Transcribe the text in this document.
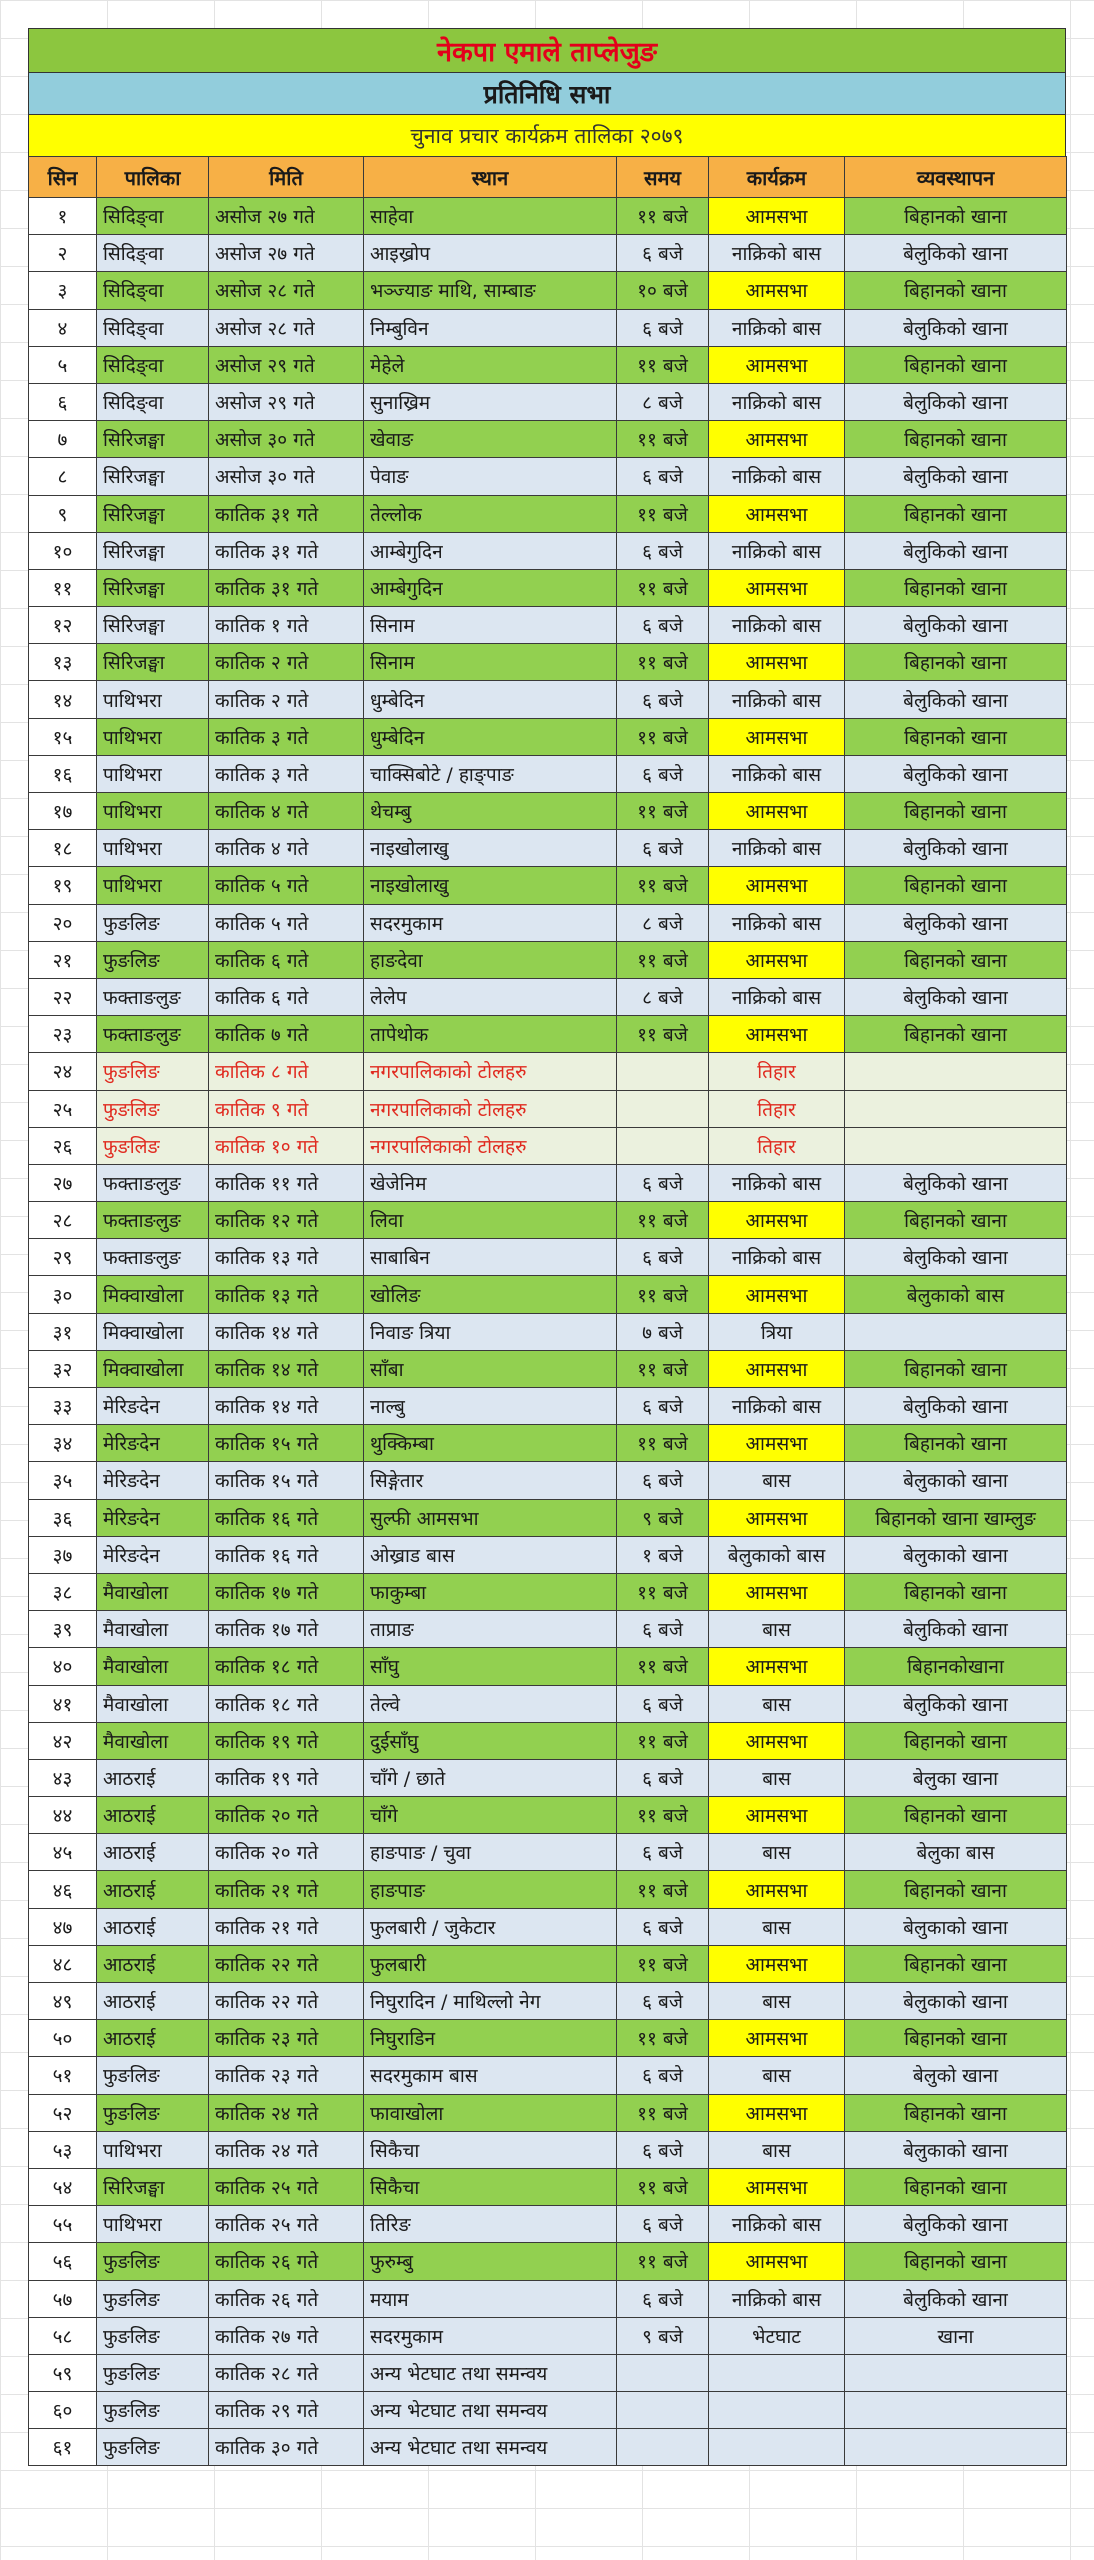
नेकपा एमाले ताप्लेजुङ
प्रतिनिधि सभा
चुनाव प्रचार कार्यक्रम तालिका २०७९
सिन	पालिका	मिति	स्थान	समय	कार्यक्रम	व्यवस्थापन
१	सिदिङ्वा	असोज २७ गते	साहेवा	११ बजे	आमसभा	बिहानको खाना
२	सिदिङ्वा	असोज २७ गते	आइख्रोप	६ बजे	नाक्रिको बास	बेलुकिको खाना
३	सिदिङ्वा	असोज २८ गते	भञ्ज्याङ माथि, साम्बाङ	१० बजे	आमसभा	बिहानको खाना
४	सिदिङ्वा	असोज २८ गते	निम्बुविन	६ बजे	नाक्रिको बास	बेलुकिको खाना
५	सिदिङ्वा	असोज २९ गते	मेहेले	११ बजे	आमसभा	बिहानको खाना
६	सिदिङ्वा	असोज २९ गते	सुनाख्रिम	८ बजे	नाक्रिको बास	बेलुकिको खाना
७	सिरिजङ्घा	असोज ३० गते	खेवाङ	११ बजे	आमसभा	बिहानको खाना
८	सिरिजङ्घा	असोज ३० गते	पेवाङ	६ बजे	नाक्रिको बास	बेलुकिको खाना
९	सिरिजङ्घा	कातिक ३१ गते	तेल्लोक	११ बजे	आमसभा	बिहानको खाना
१०	सिरिजङ्घा	कातिक ३१ गते	आम्बेगुदिन	६ बजे	नाक्रिको बास	बेलुकिको खाना
११	सिरिजङ्घा	कातिक ३१ गते	आम्बेगुदिन	११ बजे	आमसभा	बिहानको खाना
१२	सिरिजङ्घा	कातिक १ गते	सिनाम	६ बजे	नाक्रिको बास	बेलुकिको खाना
१३	सिरिजङ्घा	कातिक २ गते	सिनाम	११ बजे	आमसभा	बिहानको खाना
१४	पाथिभरा	कातिक २ गते	धुम्बेदिन	६ बजे	नाक्रिको बास	बेलुकिको खाना
१५	पाथिभरा	कातिक ३ गते	धुम्बेदिन	११ बजे	आमसभा	बिहानको खाना
१६	पाथिभरा	कातिक ३ गते	चाक्सिबोटे / हाङ्पाङ	६ बजे	नाक्रिको बास	बेलुकिको खाना
१७	पाथिभरा	कातिक ४ गते	थेचम्बु	११ बजे	आमसभा	बिहानको खाना
१८	पाथिभरा	कातिक ४ गते	नाइखोलाखु	६ बजे	नाक्रिको बास	बेलुकिको खाना
१९	पाथिभरा	कातिक ५ गते	नाइखोलाखु	११ बजे	आमसभा	बिहानको खाना
२०	फुङलिङ	कातिक ५ गते	सदरमुकाम	८ बजे	नाक्रिको बास	बेलुकिको खाना
२१	फुङलिङ	कातिक ६ गते	हाङदेवा	११ बजे	आमसभा	बिहानको खाना
२२	फक्ताङलुङ	कातिक ६ गते	लेलेप	८ बजे	नाक्रिको बास	बेलुकिको खाना
२३	फक्ताङलुङ	कातिक ७ गते	तापेथोक	११ बजे	आमसभा	बिहानको खाना
२४	फुङलिङ	कातिक ८ गते	नगरपालिकाको टोलहरु		तिहार	
२५	फुङलिङ	कातिक ९ गते	नगरपालिकाको टोलहरु		तिहार	
२६	फुङलिङ	कातिक १० गते	नगरपालिकाको टोलहरु		तिहार	
२७	फक्ताङलुङ	कातिक ११ गते	खेजेनिम	६ बजे	नाक्रिको बास	बेलुकिको खाना
२८	फक्ताङलुङ	कातिक १२ गते	लिवा	११ बजे	आमसभा	बिहानको खाना
२९	फक्ताङलुङ	कातिक १३ गते	साबाबिन	६ बजे	नाक्रिको बास	बेलुकिको खाना
३०	मिक्वाखोला	कातिक १३ गते	खोलिङ	११ बजे	आमसभा	बेलुकाको बास
३१	मिक्वाखोला	कातिक १४ गते	निवाङ त्रिया	७ बजे	त्रिया	
३२	मिक्वाखोला	कातिक १४ गते	साँबा	११ बजे	आमसभा	बिहानको खाना
३३	मेरिङदेन	कातिक १४ गते	नाल्बु	६ बजे	नाक्रिको बास	बेलुकिको खाना
३४	मेरिङदेन	कातिक १५ गते	थुक्किम्बा	११ बजे	आमसभा	बिहानको खाना
३५	मेरिङदेन	कातिक १५ गते	सिङ्गेतार	६ बजे	बास	बेलुकाको खाना
३६	मेरिङदेन	कातिक १६ गते	सुल्फी आमसभा	९ बजे	आमसभा	बिहानको खाना खाम्लुङ
३७	मेरिङदेन	कातिक १६ गते	ओख्राड बास	१ बजे	बेलुकाको बास	बेलुकाको खाना
३८	मैवाखोला	कातिक १७ गते	फाकुम्बा	११ बजे	आमसभा	बिहानको खाना
३९	मैवाखोला	कातिक १७ गते	ताप्राङ	६ बजे	बास	बेलुकिको खाना
४०	मैवाखोला	कातिक १८ गते	साँघु	११ बजे	आमसभा	बिहानकोखाना
४१	मैवाखोला	कातिक १८ गते	तेल्वे	६ बजे	बास	बेलुकिको खाना
४२	मैवाखोला	कातिक १९ गते	दुईसाँघु	११ बजे	आमसभा	बिहानको खाना
४३	आठराई	कातिक १९ गते	चाँगे / छाते	६ बजे	बास	बेलुका खाना
४४	आठराई	कातिक २० गते	चाँगे	११ बजे	आमसभा	बिहानको खाना
४५	आठराई	कातिक २० गते	हाङपाङ / चुवा	६ बजे	बास	बेलुका बास
४६	आठराई	कातिक २१ गते	हाङपाङ	११ बजे	आमसभा	बिहानको खाना
४७	आठराई	कातिक २१ गते	फुलबारी / जुकेटार	६ बजे	बास	बेलुकाको खाना
४८	आठराई	कातिक २२ गते	फुलबारी	११ बजे	आमसभा	बिहानको खाना
४९	आठराई	कातिक २२ गते	निघुरादिन / माथिल्लो नेग	६ बजे	बास	बेलुकाको खाना
५०	आठराई	कातिक २३ गते	निघुराडिन	११ बजे	आमसभा	बिहानको खाना
५१	फुङलिङ	कातिक २३ गते	सदरमुकाम बास	६ बजे	बास	बेलुको खाना
५२	फुङलिङ	कातिक २४ गते	फावाखोला	११ बजे	आमसभा	बिहानको खाना
५३	पाथिभरा	कातिक २४ गते	सिकैचा	६ बजे	बास	बेलुकाको खाना
५४	सिरिजङ्घा	कातिक २५ गते	सिकैचा	११ बजे	आमसभा	बिहानको खाना
५५	पाथिभरा	कातिक २५ गते	तिरिङ	६ बजे	नाक्रिको बास	बेलुकिको खाना
५६	फुङलिङ	कातिक २६ गते	फुरुम्बु	११ बजे	आमसभा	बिहानको खाना
५७	फुङलिङ	कातिक २६ गते	मयाम	६ बजे	नाक्रिको बास	बेलुकिको खाना
५८	फुङलिङ	कातिक २७ गते	सदरमुकाम	९ बजे	भेटघाट	खाना
५९	फुङलिङ	कातिक २८ गते	अन्य भेटघाट तथा समन्वय			
६०	फुङलिङ	कातिक २९ गते	अन्य भेटघाट तथा समन्वय			
६१	फुङलिङ	कातिक ३० गते	अन्य भेटघाट तथा समन्वय			
